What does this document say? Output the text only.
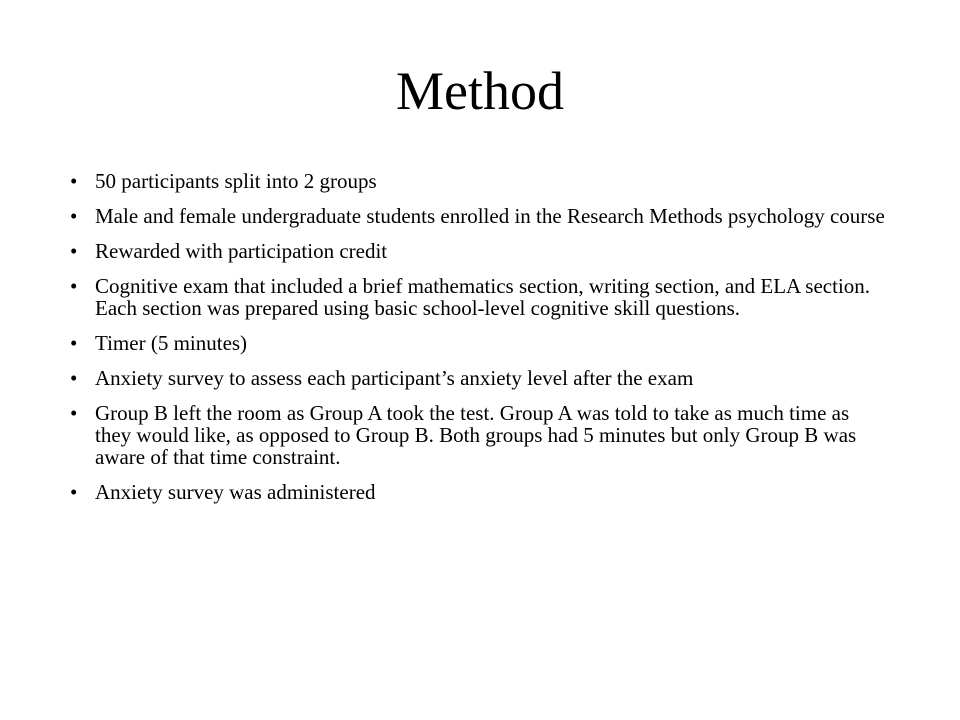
Method
• 50 participants split into 2 groups
• Male and female undergraduate students enrolled in the Research Methods psychology course
• Rewarded with participation credit
• Cognitive exam that included a brief mathematics section, writing section, and ELA section. Each section was prepared using basic school-level cognitive skill questions.
• Timer (5 minutes)
• Anxiety survey to assess each participant’s anxiety level after the exam
• Group B left the room as Group A took the test. Group A was told to take as much time as they would like, as opposed to Group B. Both groups had 5 minutes but only Group B was aware of that time constraint.
• Anxiety survey was administered
